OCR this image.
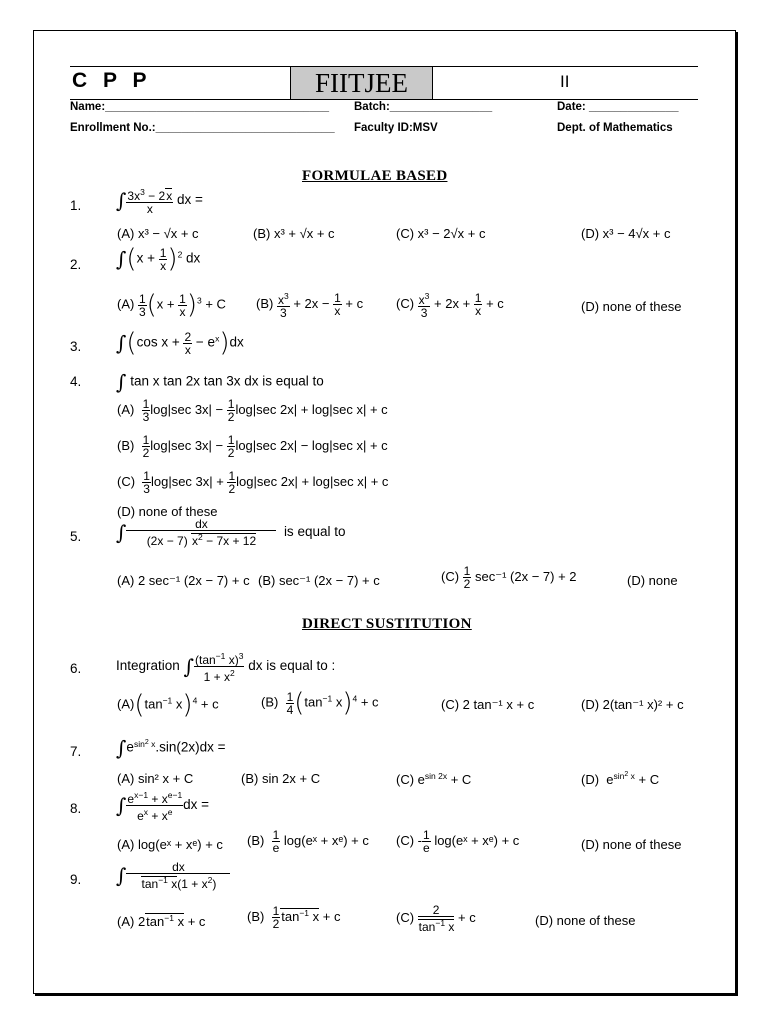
C P P	FIITJEE	II
Name:___________________________________ Batch:________________	Date: ______________
Enrollment No.:____________________________ Faculty ID:MSV	Dept. of Mathematics
FORMULAE BASED
1. ∫ $\frac{3x^3 - 2x}{x}$ dx =
(A) x³ − √x + c	(B) x³ + √x + c	(C) x³ − 2√x + c	(D) x³ − 4√x + c
2. $\int(x + \frac{1}{x} )^2$ dx
$(A) \frac{1}{3} (x + \frac{1}{x} )^3 + C$ $(B) \frac{x^3}{3} + 2x - \frac{1}{x} + c$	$(C) \frac{x^3}{3} + 2x + \frac{1}{x} + c$	(D) none of these
3. ∫(cos $x + \frac{2}{x} - e^x)dx$
4. ∫ tan x tan 2x tan 3x dx is equal to
$(A) \frac{1}{3} \log|\sec$ $3x| - \frac{1}{2} \log|\sec$ 2x| + log|sec x| + c
$(B) \frac{1}{2} \log|\sec$ $3x| - \frac{1}{2} \log|\sec$ 2x| − log|sec x| + c
$(C) \frac{1}{3} \log|\sec$ $3x| + \frac{1}{2} \log|\sec$ 2x| + log|sec x| + c
(D) none of these
5. ∫ $\frac{dx}{(2x - 7) x^2 - 7x + 12}$ is equal to
(A) 2 sec⁻¹ (2x − 7) + c (B) sec⁻¹ (2x − 7) + c	$(C) \frac{1}{2} \sec^{-1}$ (2x − 7) + 2	(D) none
DIRECT SUSTITUTION
6.	Integration ∫ $\frac{(\tan^{-1} x)^3}{1 + x^2}$ dx is equal to :
$(A)(\tan^{-1}$ x)$^4$ + c	$(B) \frac{1}{4} (\tan^{-1}$ x)$^4$ + c	(C) 2 tan⁻¹ x + c	(D) 2(tan⁻¹ x)² + c
7. $\int e^{sin^2 x}.\sin(2x)dx$ =
(A) sin² x + C	(B) sin 2x + C	(C) $e^{sin 2x} + C$	(D)  $e^{sin^2 x} + C$
8. ∫ $\frac{e^{x-1} + x^{e-1}}{e^x + x^e}$ dx =
(A) log(eˣ + xᵉ) + c $(B) \frac{1}{e}$ log(eˣ + xᵉ) + c $(C) - \frac{1}{e}$ log(eˣ + xᵉ) + c	(D) none of these
9. ∫ $\frac{dx}{\tan^{-1} x(1 + x^2)}$
(A) $2\tan^{-1}$ x + c	$(B) \frac{1}{2} \tan^{-1} x + c$	$(C) \frac{2}{\tan^{-1} x} + c$	(D) none of these
